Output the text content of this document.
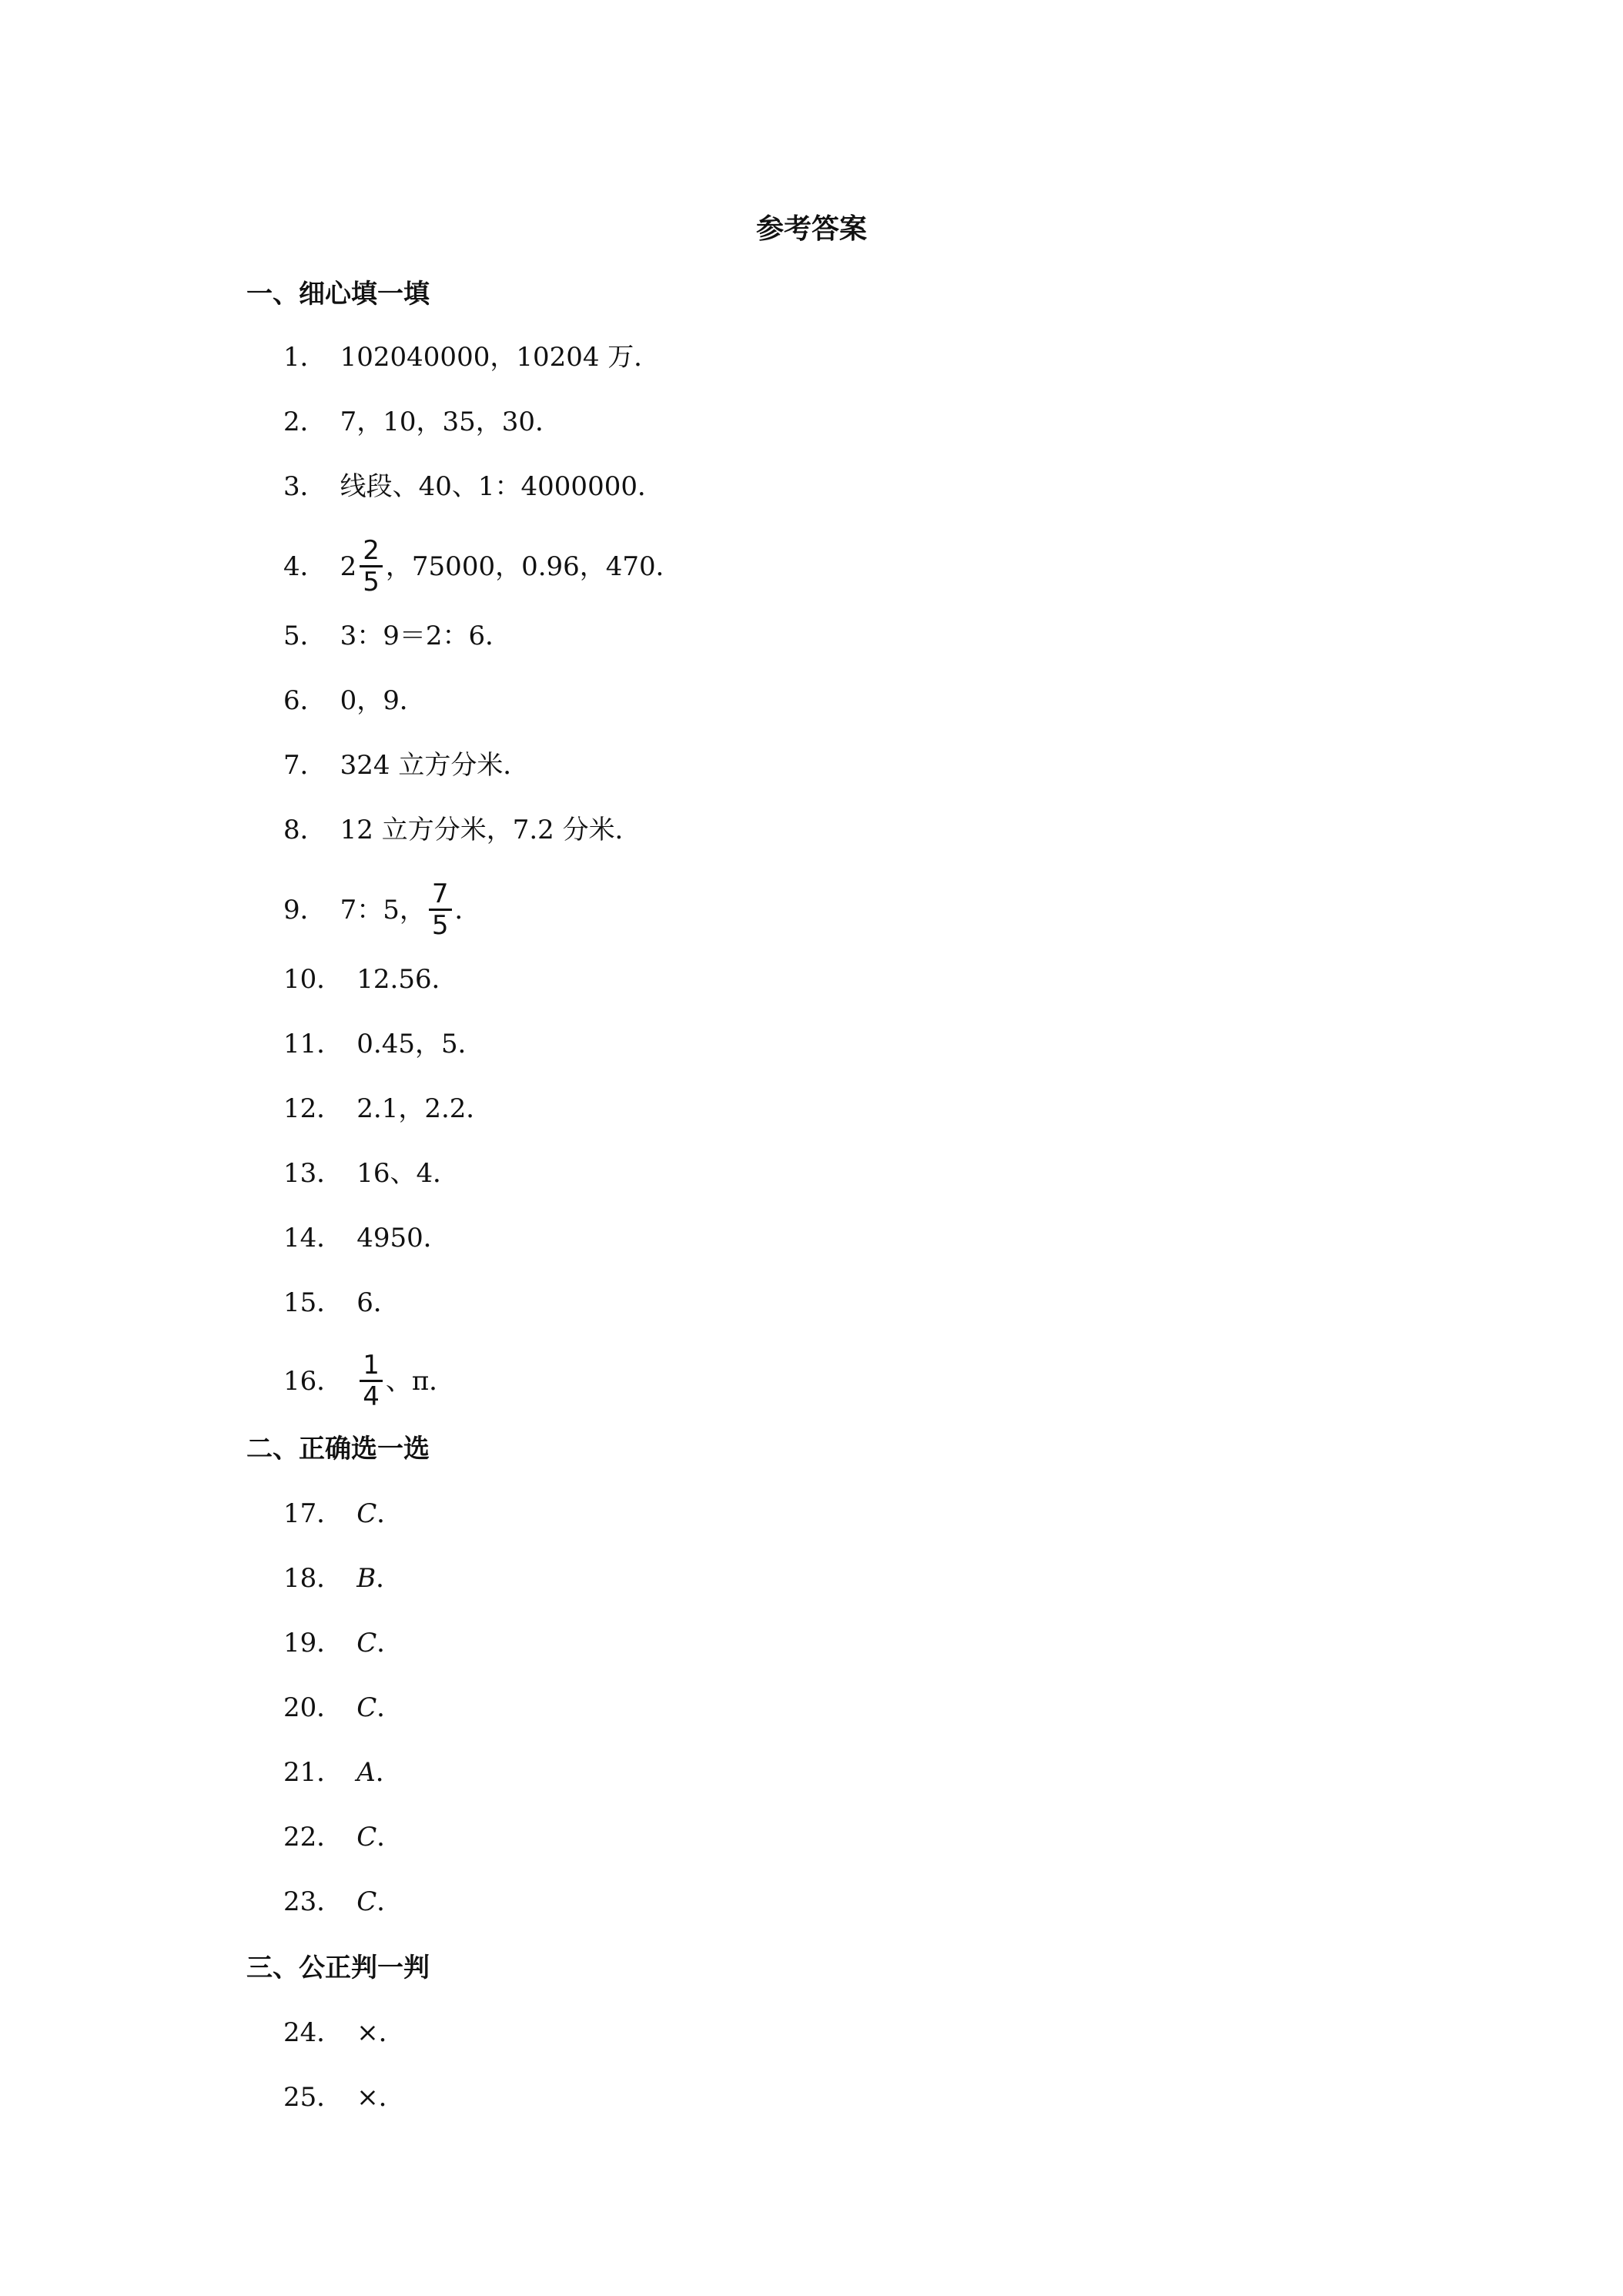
参考答案
一、细心填一填
1． 102040000，10204 万．
2． 7，10，35，30．
3． 线段、40、1：4000000．
4． $2 \frac{2}{5}$ ，75000，0.96，470．
5． 3：9＝2：6．
6． 0，9．
7． 324 立方分米．
8． 12 立方分米，7.2 分米．
9． 7：5， $\frac{7}{5}$ ．
10． 12.56．
11． 0.45，5．
12． 2.1，2.2．
13． 16、4．
14． 4950．
15． 6．
16． $\frac{1}{4}$ 、π．
二、正确选一选
17． C ．
18． B ．
19． C ．
20． C ．
21． A ．
22． C ．
23． C ．
三、公正判一判
24． ×．
25． ×．
